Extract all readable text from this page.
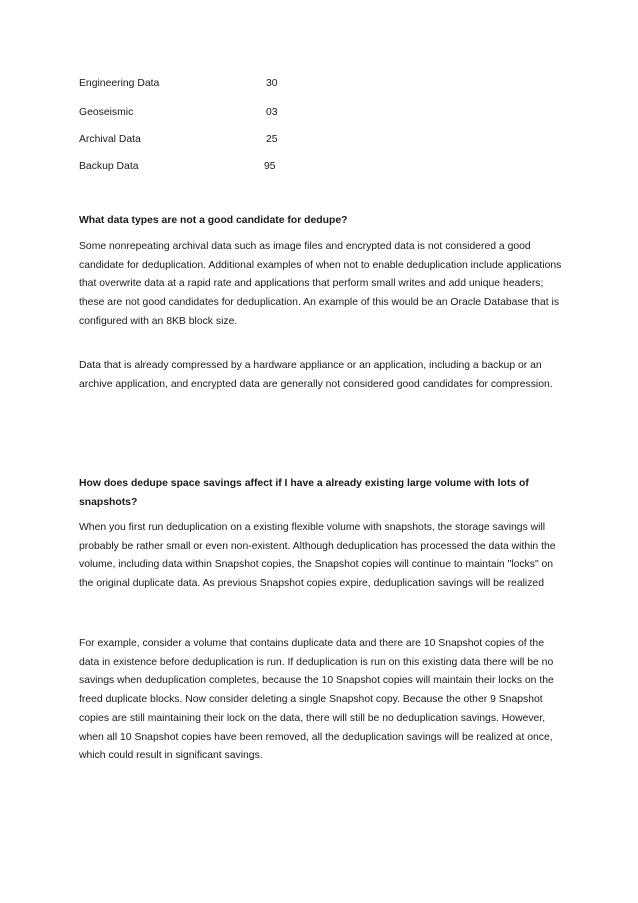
Engineering Data	30
Geoseismic	03
Archival Data	25
Backup Data	95

What data types are not a good candidate for dedupe?

Some nonrepeating archival data such as image files and encrypted data is not considered a good candidate for deduplication. Additional examples of when not to enable deduplication include applications that overwrite data at a rapid rate and applications that perform small writes and add unique headers; these are not good candidates for deduplication. An example of this would be an Oracle Database that is configured with an 8KB block size.

Data that is already compressed by a hardware appliance or an application, including a backup or an archive application, and encrypted data are generally not considered good candidates for compression.

How does dedupe space savings affect if I have a already existing large volume with lots of snapshots?

When you first run deduplication on a existing flexible volume with snapshots, the storage savings will probably be rather small or even non-existent. Although deduplication has processed the data within the volume, including data within Snapshot copies, the Snapshot copies will continue to maintain "locks" on the original duplicate data. As previous Snapshot copies expire, deduplication savings will be realized

For example, consider a volume that contains duplicate data and there are 10 Snapshot copies of the data in existence before deduplication is run. If deduplication is run on this existing data there will be no savings when deduplication completes, because the 10 Snapshot copies will maintain their locks on the freed duplicate blocks. Now consider deleting a single Snapshot copy. Because the other 9 Snapshot copies are still maintaining their lock on the data, there will still be no deduplication savings. However, when all 10 Snapshot copies have been removed, all the deduplication savings will be realized at once, which could result in significant savings.
